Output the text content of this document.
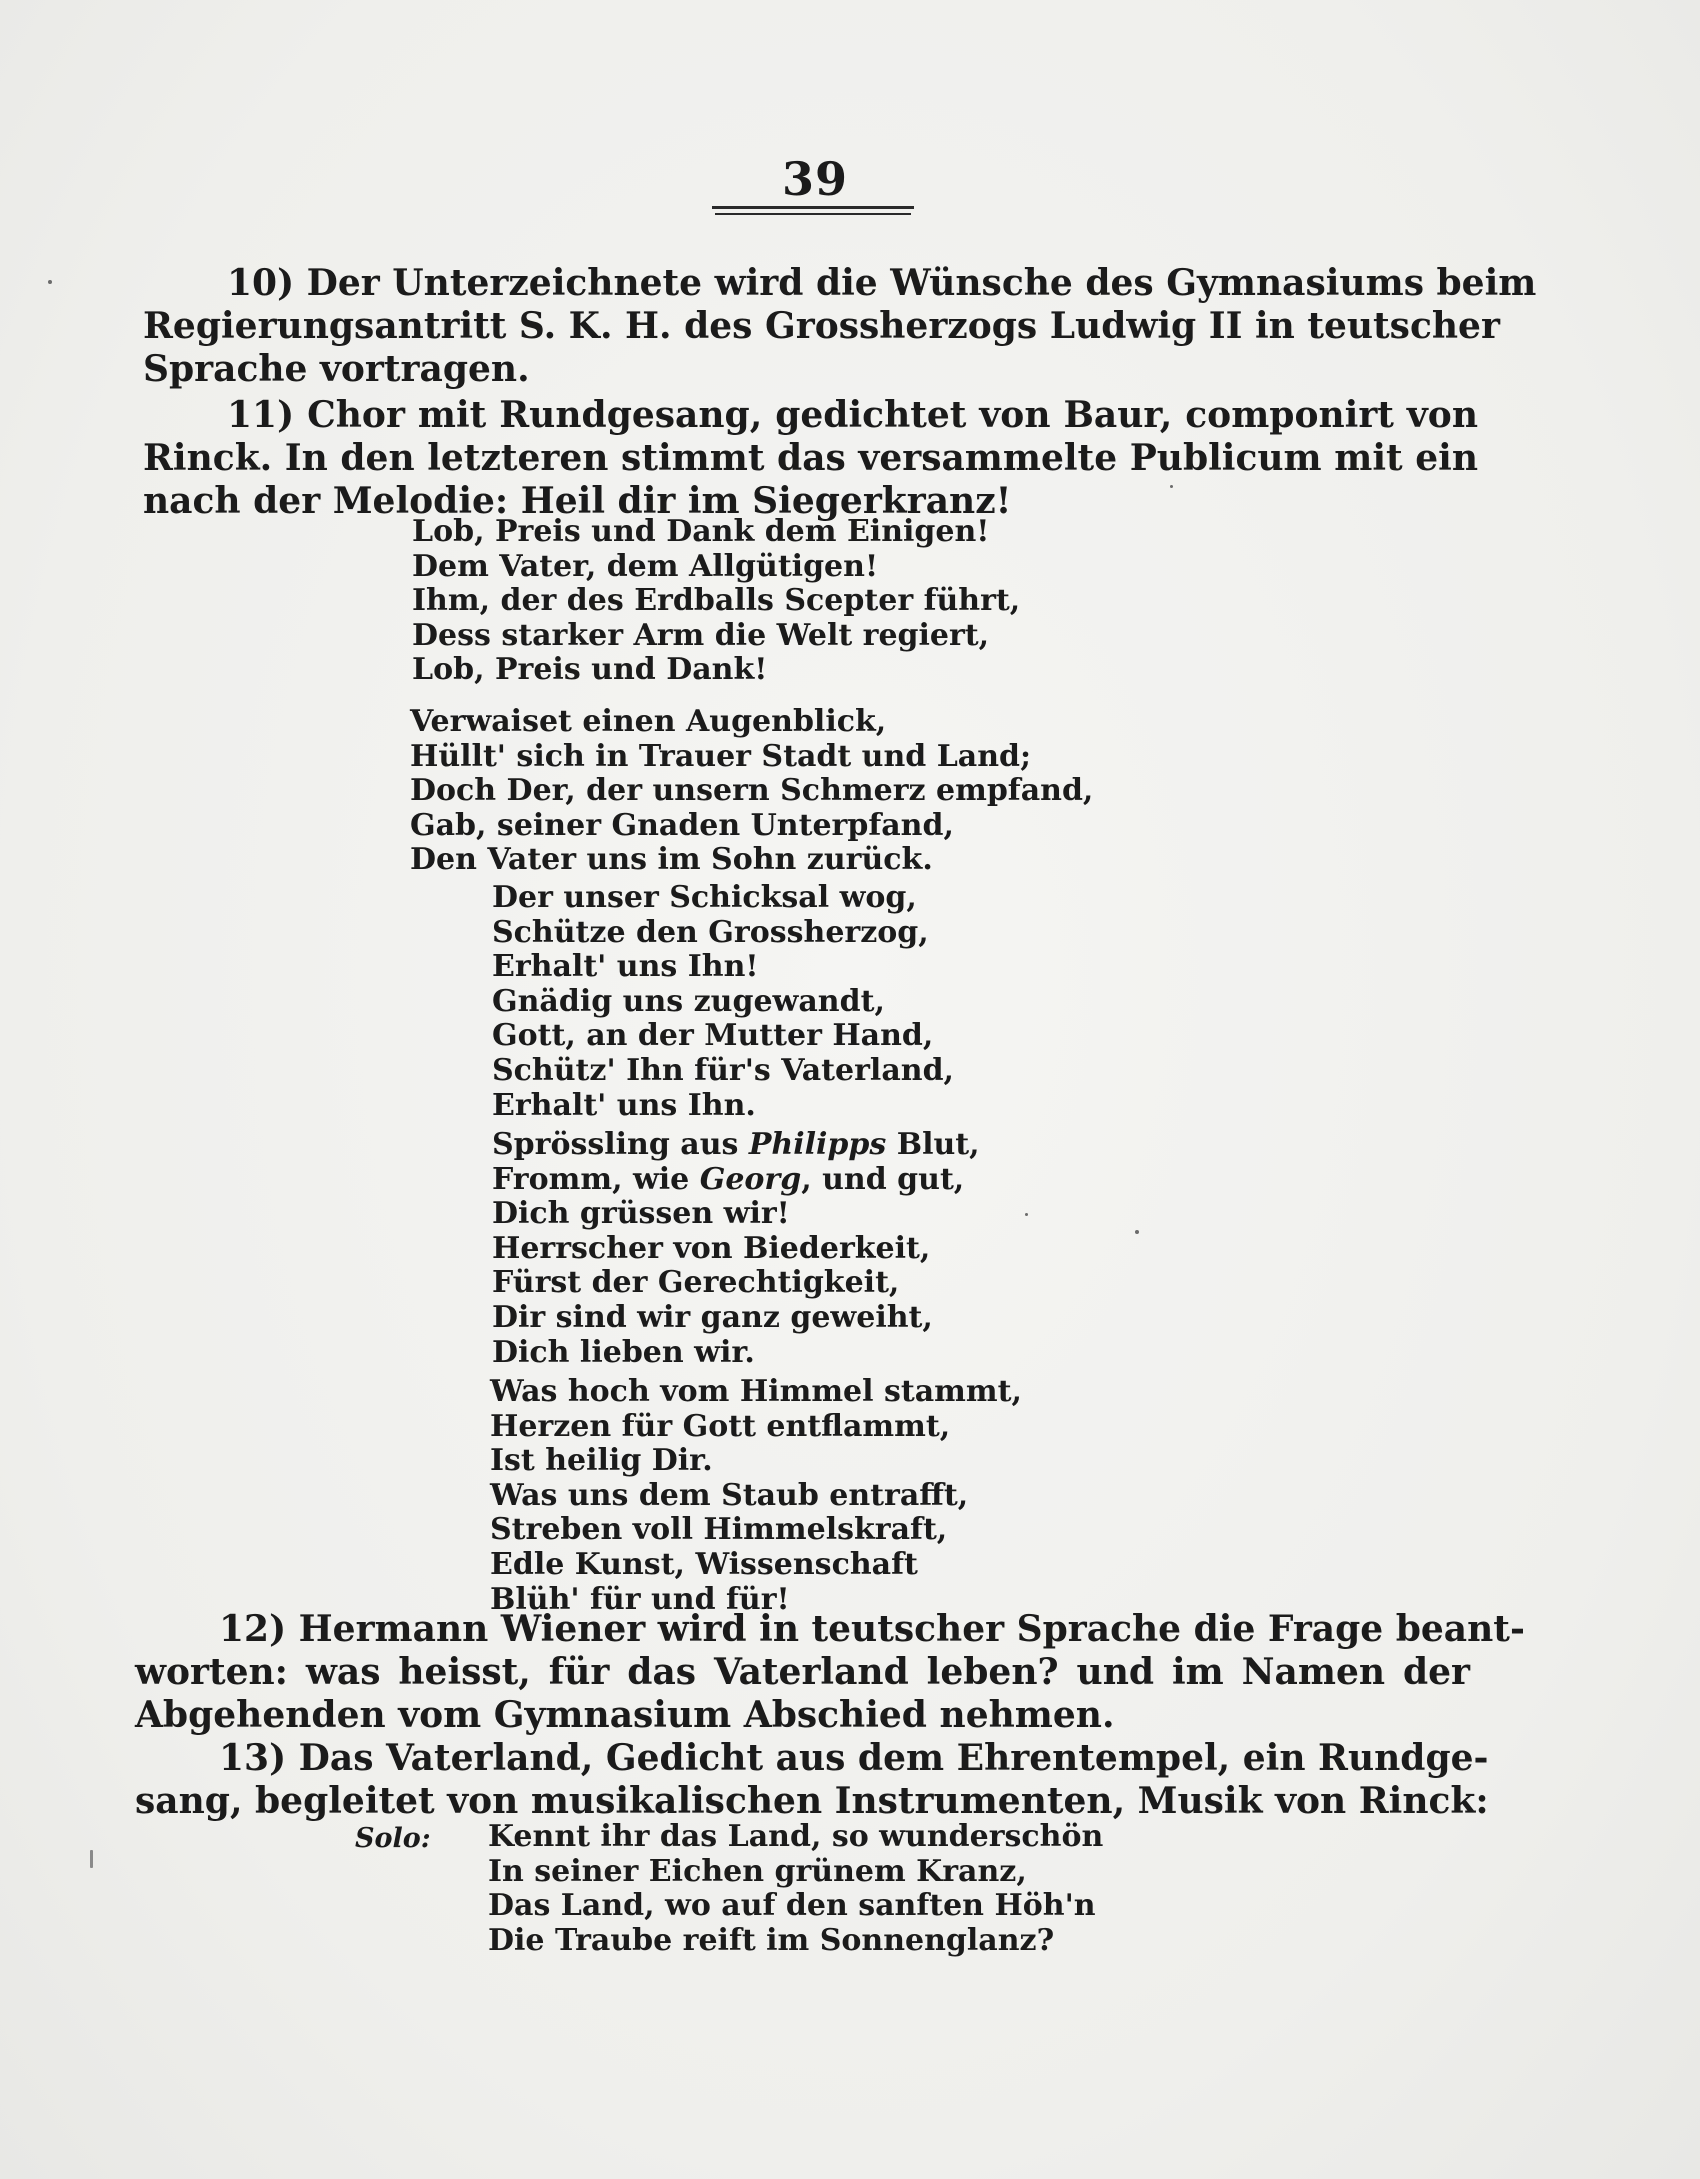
39
10) Der Unterzeichnete wird die Wünsche des Gymnasiums beim
Regierungsantritt S. K. H. des Grossherzogs Ludwig II in teutscher
Sprache vortragen.
11) Chor mit Rundgesang, gedichtet von Baur, componirt von
Rinck. In den letzteren stimmt das versammelte Publicum mit ein
nach der Melodie: Heil dir im Siegerkranz!
Lob, Preis und Dank dem Einigen!
Dem Vater, dem Allgütigen!
Ihm, der des Erdballs Scepter führt,
Dess starker Arm die Welt regiert,
Lob, Preis und Dank!
Verwaiset einen Augenblick,
Hüllt' sich in Trauer Stadt und Land;
Doch Der, der unsern Schmerz empfand,
Gab, seiner Gnaden Unterpfand,
Den Vater uns im Sohn zurück.
Der unser Schicksal wog,
Schütze den Grossherzog,
Erhalt' uns Ihn!
Gnädig uns zugewandt,
Gott, an der Mutter Hand,
Schütz' Ihn für's Vaterland,
Erhalt' uns Ihn.
Sprössling aus Philipps Blut,
Fromm, wie Georg, und gut,
Dich grüssen wir!
Herrscher von Biederkeit,
Fürst der Gerechtigkeit,
Dir sind wir ganz geweiht,
Dich lieben wir.
Was hoch vom Himmel stammt,
Herzen für Gott entflammt,
Ist heilig Dir.
Was uns dem Staub entrafft,
Streben voll Himmelskraft,
Edle Kunst, Wissenschaft
Blüh' für und für!
12) Hermann Wiener wird in teutscher Sprache die Frage beant-
worten: was heisst, für das Vaterland leben? und im Namen der
Abgehenden vom Gymnasium Abschied nehmen.
13) Das Vaterland, Gedicht aus dem Ehrentempel, ein Rundge-
sang, begleitet von musikalischen Instrumenten, Musik von Rinck:
Solo: Kennt ihr das Land, so wunderschön
In seiner Eichen grünem Kranz,
Das Land, wo auf den sanften Höh'n
Die Traube reift im Sonnenglanz?
